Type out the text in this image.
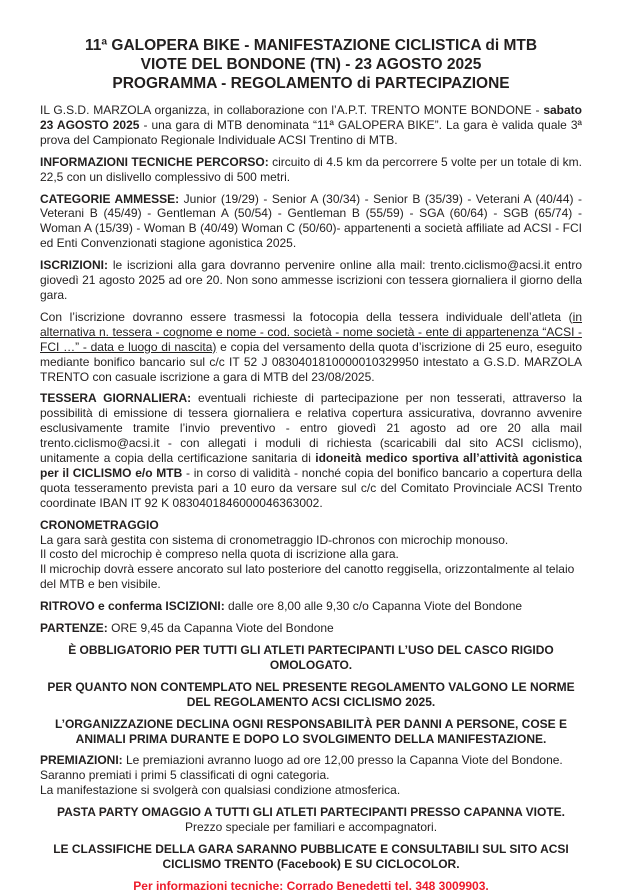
11ª GALOPERA BIKE - MANIFESTAZIONE CICLISTICA di MTB
VIOTE DEL BONDONE (TN) - 23 AGOSTO 2025
PROGRAMMA - REGOLAMENTO di PARTECIPAZIONE
IL G.S.D. MARZOLA organizza, in collaborazione con l’A.P.T. TRENTO MONTE BONDONE - sabato 23 AGOSTO 2025 - una gara di MTB denominata “11ª GALOPERA BIKE”. La gara è valida quale 3ª prova del Campionato Regionale Individuale ACSI Trentino di MTB.
INFORMAZIONI TECNICHE PERCORSO: circuito di 4.5 km da percorrere 5 volte per un totale di km. 22,5 con un dislivello complessivo di 500 metri.
CATEGORIE AMMESSE: Junior (19/29) - Senior A (30/34) - Senior B (35/39) - Veterani A (40/44) - Veterani B (45/49) - Gentleman A (50/54) - Gentleman B (55/59) - SGA (60/64) - SGB (65/74) - Woman A (15/39) - Woman B (40/49) Woman C (50/60)- appartenenti a società affiliate ad ACSI - FCI ed Enti Convenzionati stagione agonistica 2025.
ISCRIZIONI: le iscrizioni alla gara dovranno pervenire online alla mail: trento.ciclismo@acsi.it entro giovedì 21 agosto 2025 ad ore 20. Non sono ammesse iscrizioni con tessera giornaliera il giorno della gara.
Con l’iscrizione dovranno essere trasmessi la fotocopia della tessera individuale dell’atleta (in alternativa n. tessera - cognome e nome - cod. società - nome società - ente di appartenenza “ACSI - FCI …” - data e luogo di nascita) e copia del versamento della quota d’iscrizione di 25 euro, eseguito mediante bonifico bancario sul c/c IT 52 J 0830401810000010329950 intestato a G.S.D. MARZOLA TRENTO con casuale iscrizione a gara di MTB del 23/08/2025.
TESSERA GIORNALIERA: eventuali richieste di partecipazione per non tesserati, attraverso la possibilità di emissione di tessera giornaliera e relativa copertura assicurativa, dovranno avvenire esclusivamente tramite l’invio preventivo - entro giovedì 21 agosto ad ore 20 alla mail trento.ciclismo@acsi.it - con allegati i moduli di richiesta (scaricabili dal sito ACSI ciclismo), unitamente a copia della certificazione sanitaria di idoneità medico sportiva all’attività agonistica per il CICLISMO e/o MTB - in corso di validità - nonché copia del bonifico bancario a copertura della quota tesseramento prevista pari a 10 euro da versare sul c/c del Comitato Provinciale ACSI Trento coordinate IBAN IT 92 K 0830401846000046363002.
CRONOMETRAGGIO
La gara sarà gestita con sistema di cronometraggio ID-chronos con microchip monouso.
Il costo del microchip è compreso nella quota di iscrizione alla gara.
Il microchip dovrà essere ancorato sul lato posteriore del canotto reggisella, orizzontalmente al telaio del MTB e ben visibile.
RITROVO e conferma ISCIZIONI: dalle ore 8,00 alle 9,30 c/o Capanna Viote del Bondone
PARTENZE: ORE 9,45 da Capanna Viote del Bondone
È OBBLIGATORIO PER TUTTI GLI ATLETI PARTECIPANTI L’USO DEL CASCO RIGIDO OMOLOGATO.
PER QUANTO NON CONTEMPLATO NEL PRESENTE REGOLAMENTO VALGONO LE NORME DEL REGOLAMENTO ACSI CICLISMO 2025.
L’ORGANIZZAZIONE DECLINA OGNI RESPONSABILITÀ PER DANNI A PERSONE, COSE E ANIMALI PRIMA DURANTE E DOPO LO SVOLGIMENTO DELLA MANIFESTAZIONE.
PREMIAZIONI: Le premiazioni avranno luogo ad ore 12,00 presso la Capanna Viote del Bondone.
Saranno premiati i primi 5 classificati di ogni categoria.
La manifestazione si svolgerà con qualsiasi condizione atmosferica.
PASTA PARTY OMAGGIO A TUTTI GLI ATLETI PARTECIPANTI PRESSO CAPANNA VIOTE.
Prezzo speciale per familiari e accompagnatori.
LE CLASSIFICHE DELLA GARA SARANNO PUBBLICATE E CONSULTABILI SUL SITO ACSI CICLISMO TRENTO (Facebook) E SU CICLOCOLOR.
Per informazioni tecniche: Corrado Benedetti tel. 348 3009903.
